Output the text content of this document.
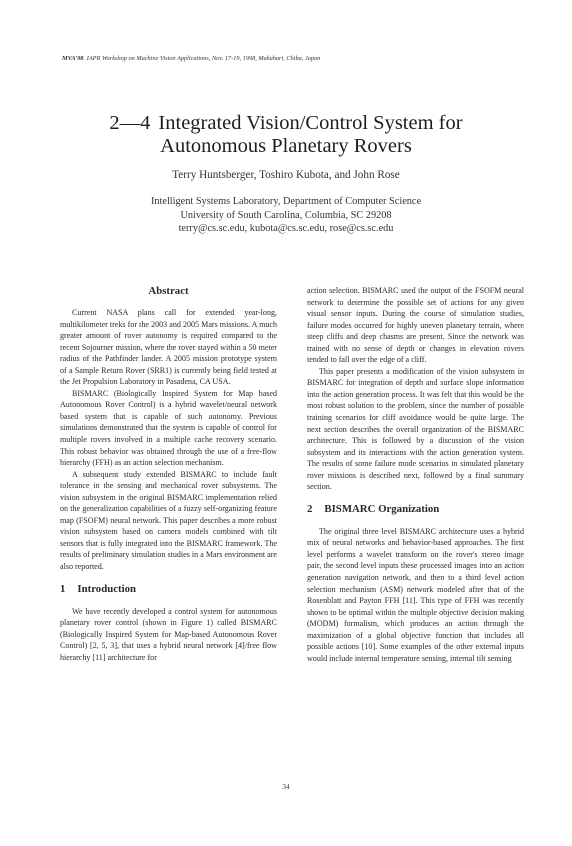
MVA'98 IAPR Workshop on Machine Vision Applications, Nov. 17-19, 1998, Makuhari, Chiba, Japan
2—4 Integrated Vision/Control System for
Autonomous Planetary Rovers
Terry Huntsberger, Toshiro Kubota, and John Rose
Intelligent Systems Laboratory, Department of Computer Science
University of South Carolina, Columbia, SC 29208
terry@cs.sc.edu, kubota@cs.sc.edu, rose@cs.sc.edu
Abstract

Current NASA plans call for extended year-long, multikilometer treks for the 2003 and 2005 Mars missions. A much greater amount of rover autonomy is required compared to the recent Sojourner mission, where the rover stayed within a 50 meter radius of the Pathfinder lander. A 2005 mission prototype system of a Sample Return Rover (SRR1) is currently being field tested at the Jet Propulsion Laboratory in Pasadena, CA USA.

BISMARC (Biologically Inspired System for Map based Autonomous Rover Control) is a hybrid wavelet/neural network based system that is capable of such autonomy. Previous simulations demonstrated that the system is capable of control for multiple rovers involved in a multiple cache recovery scenario. This robust behavior was obtained through the use of a free-flow hierarchy (FFH) as an action selection mechanism.

A subsequent study extended BISMARC to include fault tolerance in the sensing and mechanical rover subsystems. The vision subsystem in the original BISMARC implementation relied on the generalization capabilities of a fuzzy self-organizing feature map (FSOFM) neural network. This paper describes a more robust vision subsystem based on camera models combined with tilt sensors that is fully integrated into the BISMARC framework. The results of preliminary simulation studies in a Mars environment are also reported.

1 Introduction

We have recently developed a control system for autonomous planetary rover control (shown in Figure 1) called BISMARC (Biologically Inspired System for Map-based Autonomous Rover Control) [2, 5, 3], that uses a hybrid neural network [4]/free flow hierarchy [11] architecture for

action selection. BISMARC used the output of the FSOFM neural network to determine the possible set of actions for any given visual sensor inputs. During the course of simulation studies, failure modes occurred for highly uneven planetary terrain, where steep cliffs and deep chasms are present. Since the network was trained with no sense of depth or changes in elevation rovers tended to fall over the edge of a cliff.

This paper presents a modification of the vision subsystem in BISMARC for integration of depth and surface slope information into the action generation process. It was felt that this would be the most robust solution to the problem, since the number of possible training scenarios for cliff avoidance would be quite large. The next section describes the overall organization of the BISMARC architecture. This is followed by a discussion of the vision subsystem and its interactions with the action generation system. The results of some failure mode scenarios in simulated planetary rover missions is described next, followed by a final summary section.

2 BISMARC Organization

The original three level BISMARC architecture uses a hybrid mix of neural networks and behavior-based approaches. The first level performs a wavelet transform on the rover's stereo image pair, the second level inputs these processed images into an action generation navigation network, and then to a third level action selection mechanism (ASM) network modeled after that of the Rosenblatt and Payton FFH [11]. This type of FFH was recently shown to be optimal within the multiple objective decision making (MODM) formalism, which produces an action through the maximization of a global objective function that includes all possible actions [10]. Some examples of the other external inputs would include internal temperature sensing, internal tilt sensing

34
